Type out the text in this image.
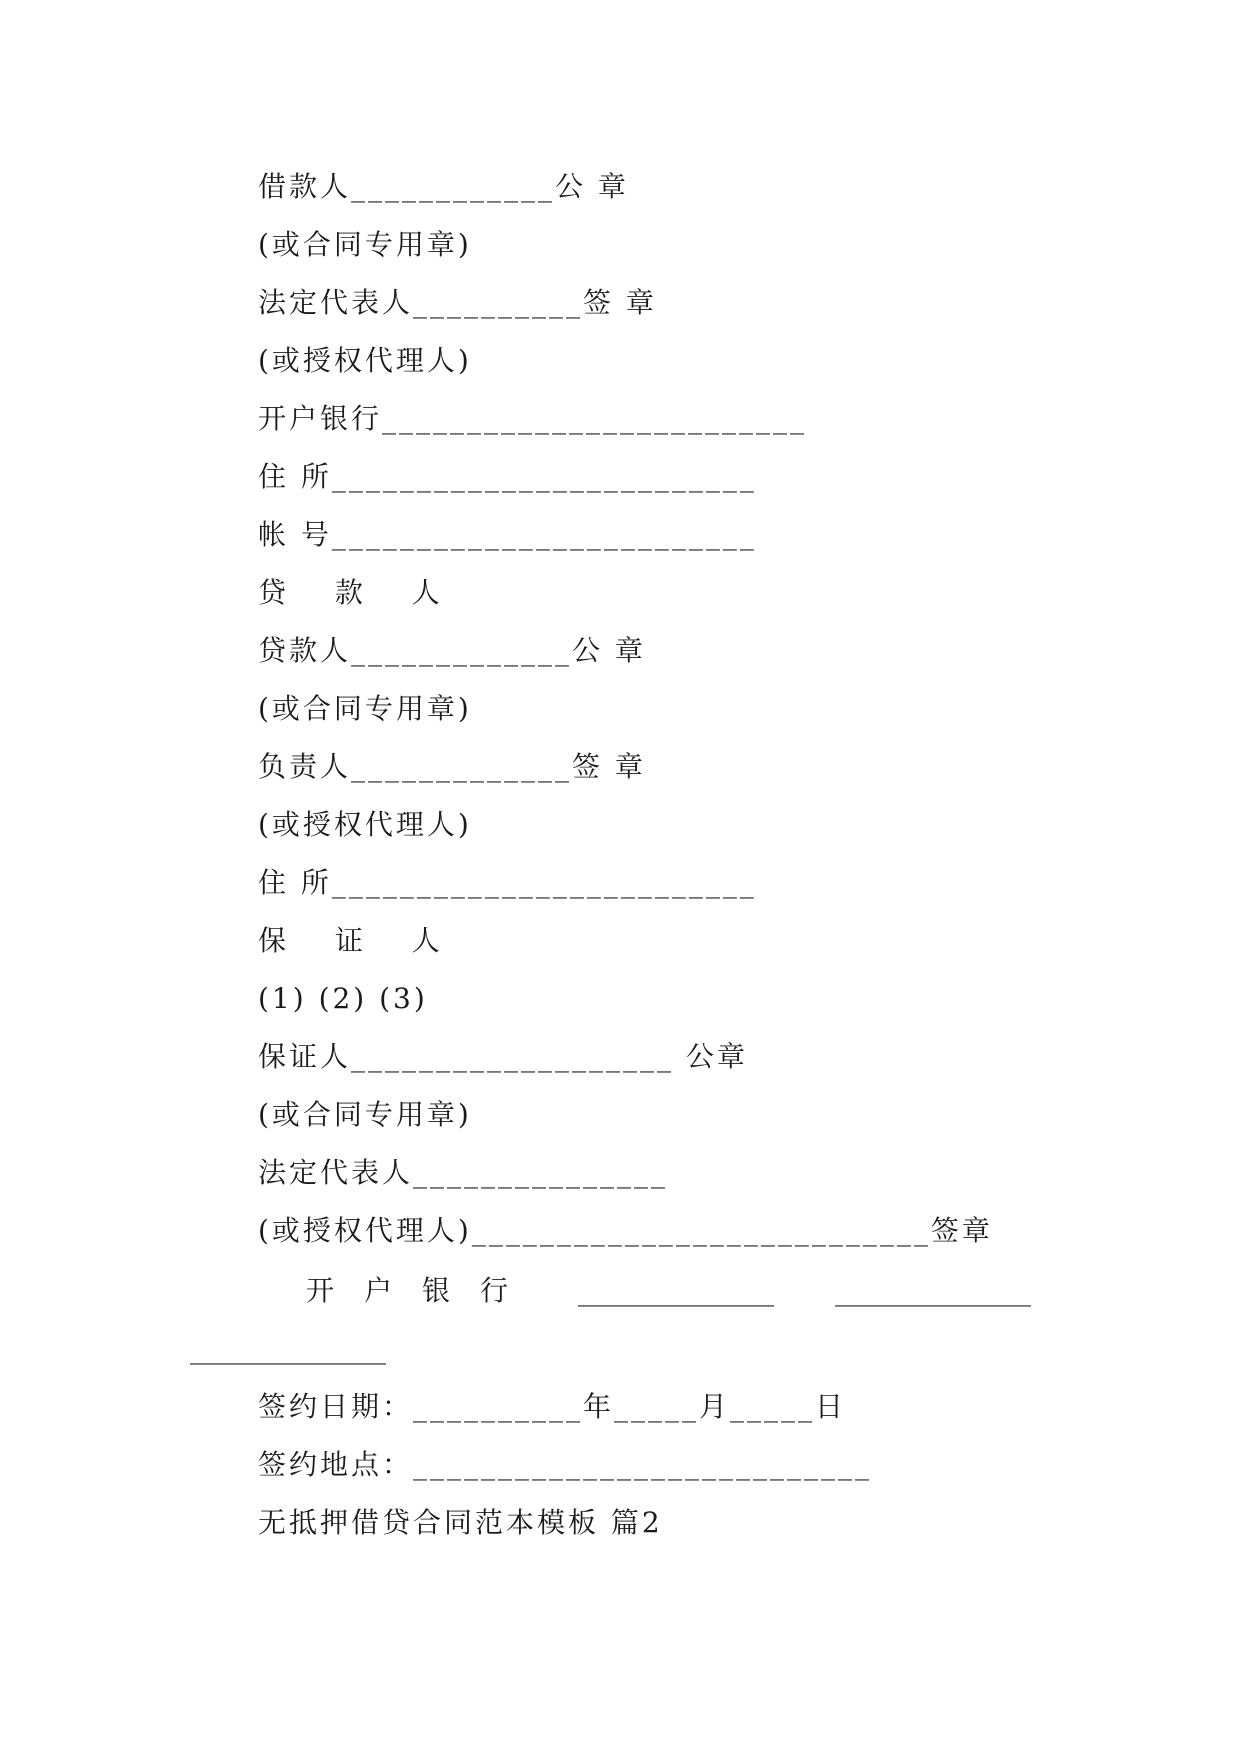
借款人____________公 章
(或合同专用章)
法定代表人__________签 章
(或授权代理人)
开户银行_________________________
住 所_________________________
帐 号_________________________
贷 款 人
贷款人_____________公 章
(或合同专用章)
负责人_____________签 章
(或授权代理人)
住 所_________________________
保 证 人
(1) (2) (3)
保证人___________________ 公章
(或合同专用章)
法定代表人_______________
(或授权代理人)___________________________签章

开户银行

______________

______________

______________
签约日期：__________年_____月_____日
签约地点：___________________________
无抵押借贷合同范本模板 篇2
